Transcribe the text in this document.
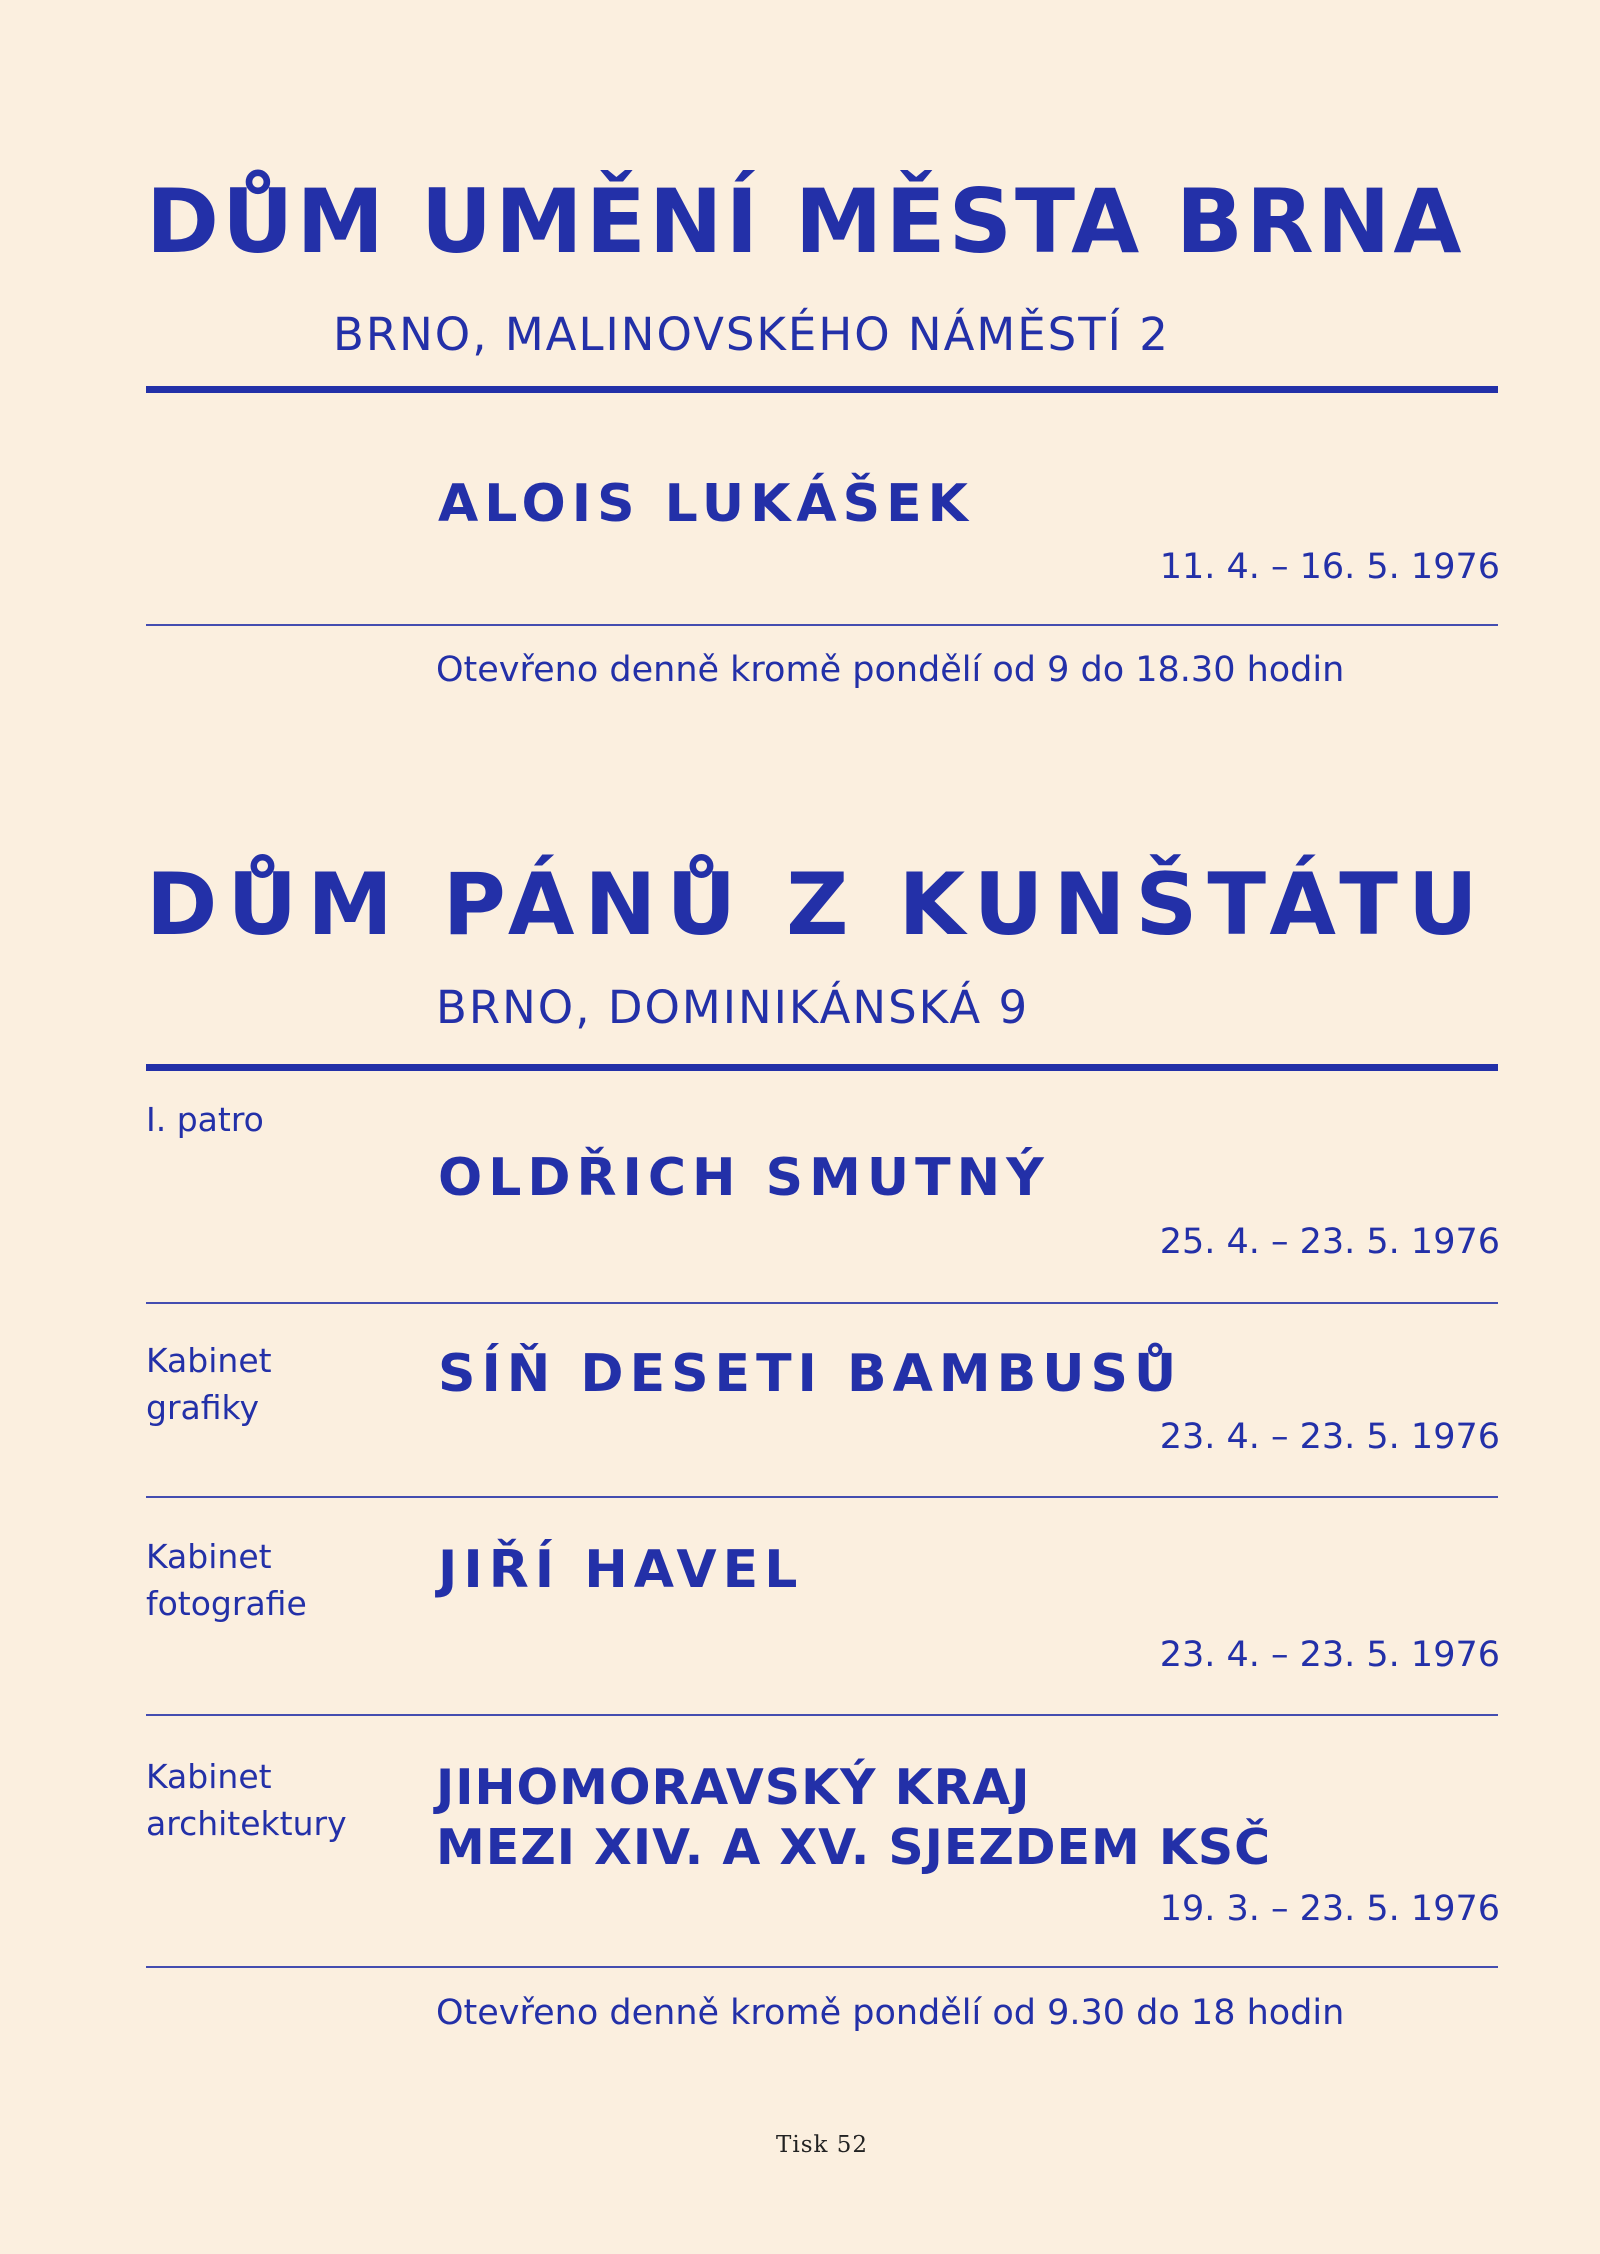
DŮM UMĚNÍ MĚSTA BRNA
BRNO, MALINOVSKÉHO NÁMĚSTÍ 2
ALOIS LUKÁŠEK
11. 4. – 16. 5. 1976
Otevřeno denně kromě pondělí od 9 do 18.30 hodin
DŮM PÁNŮ Z KUNŠTÁTU
BRNO, DOMINIKÁNSKÁ 9
I. patro
OLDŘICH SMUTNÝ
25. 4. – 23. 5. 1976
Kabinet grafiky
SÍŇ DESETI BAMBUSŮ
23. 4. – 23. 5. 1976
Kabinet fotografie
JIŘÍ HAVEL
23. 4. – 23. 5. 1976
Kabinet architektury
JIHOMORAVSKÝ KRAJ
MEZI XIV. A XV. SJEZDEM KSČ
19. 3. – 23. 5. 1976
Otevřeno denně kromě pondělí od 9.30 do 18 hodin
Tisk 52
